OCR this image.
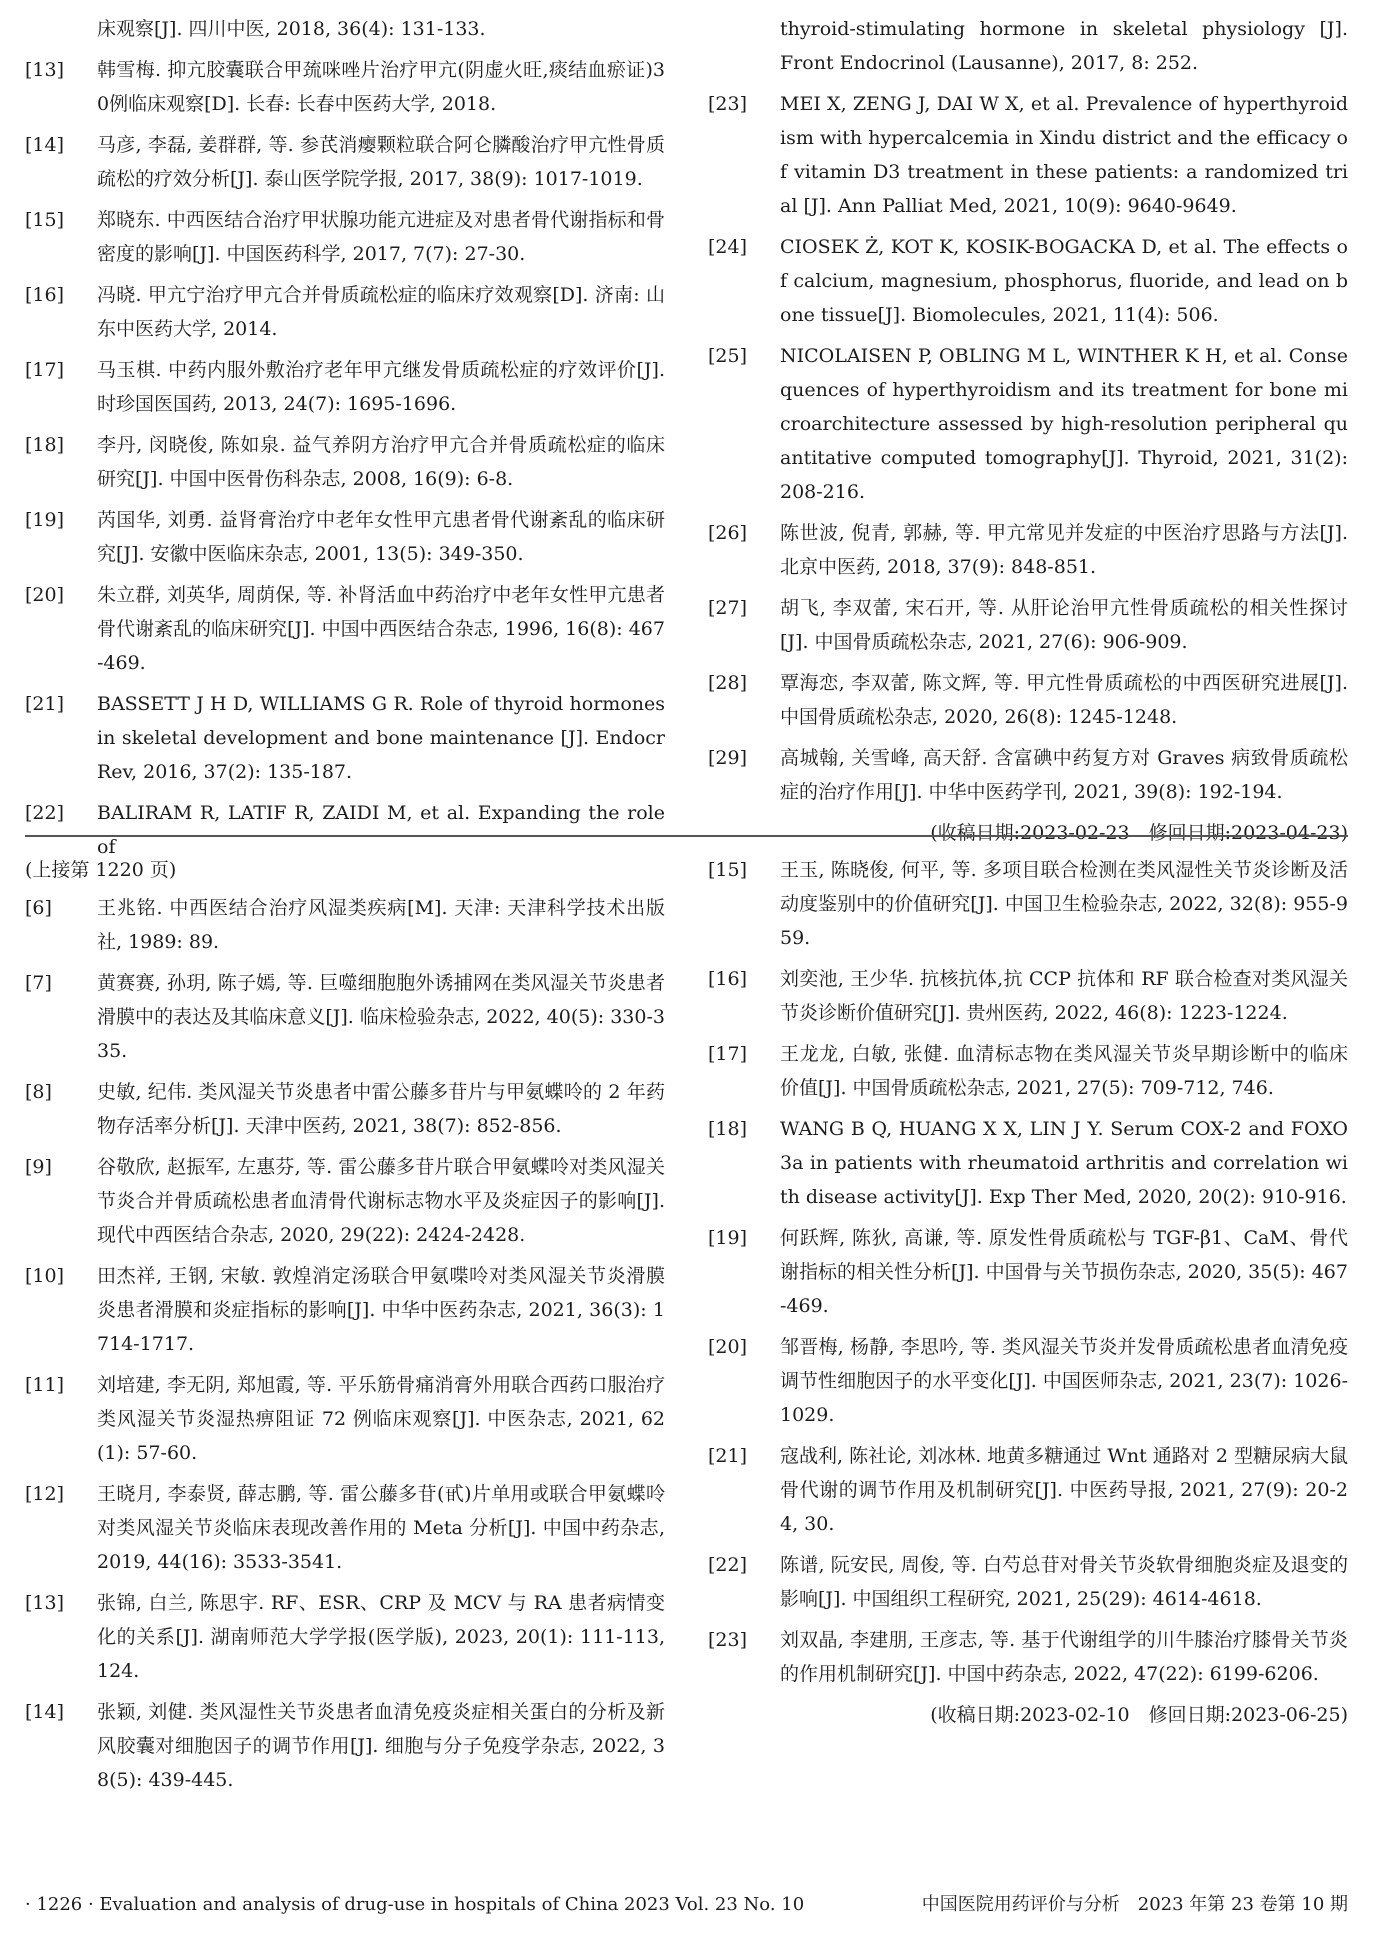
床观察[J]. 四川中医, 2018, 36(4): 131-133.
[13]	韩雪梅. 抑亢胶囊联合甲巯咪唑片治疗甲亢(阴虚火旺,痰结血瘀证)30例临床观察[D]. 长春: 长春中医药大学, 2018.
[14]	马彦, 李磊, 姜群群, 等. 参芪消瘿颗粒联合阿仑膦酸治疗甲亢性骨质疏松的疗效分析[J]. 泰山医学院学报, 2017, 38(9): 1017-1019.
[15]	郑晓东. 中西医结合治疗甲状腺功能亢进症及对患者骨代谢指标和骨密度的影响[J]. 中国医药科学, 2017, 7(7): 27-30.
[16]	冯晓. 甲亢宁治疗甲亢合并骨质疏松症的临床疗效观察[D]. 济南: 山东中医药大学, 2014.
[17]	马玉棋. 中药内服外敷治疗老年甲亢继发骨质疏松症的疗效评价[J]. 时珍国医国药, 2013, 24(7): 1695-1696.
[18]	李丹, 闵晓俊, 陈如泉. 益气养阴方治疗甲亢合并骨质疏松症的临床研究[J]. 中国中医骨伤科杂志, 2008, 16(9): 6-8.
[19]	芮国华, 刘勇. 益肾膏治疗中老年女性甲亢患者骨代谢紊乱的临床研究[J]. 安徽中医临床杂志, 2001, 13(5): 349-350.
[20]	朱立群, 刘英华, 周荫保, 等. 补肾活血中药治疗中老年女性甲亢患者骨代谢紊乱的临床研究[J]. 中国中西医结合杂志, 1996, 16(8): 467-469.
[21]	BASSETT J H D, WILLIAMS G R. Role of thyroid hormones in skeletal development and bone maintenance [J]. Endocr Rev, 2016, 37(2): 135-187.
[22]	BALIRAM R, LATIF R, ZAIDI M, et al. Expanding the role of
thyroid-stimulating hormone in skeletal physiology [J]. Front Endocrinol (Lausanne), 2017, 8: 252.
[23]	MEI X, ZENG J, DAI W X, et al. Prevalence of hyperthyroidism with hypercalcemia in Xindu district and the efficacy of vitamin D3 treatment in these patients: a randomized trial [J]. Ann Palliat Med, 2021, 10(9): 9640-9649.
[24]	CIOSEK Ż, KOT K, KOSIK-BOGACKA D, et al. The effects of calcium, magnesium, phosphorus, fluoride, and lead on bone tissue[J]. Biomolecules, 2021, 11(4): 506.
[25]	NICOLAISEN P, OBLING M L, WINTHER K H, et al. Consequences of hyperthyroidism and its treatment for bone microarchitecture assessed by high-resolution peripheral quantitative computed tomography[J]. Thyroid, 2021, 31(2): 208-216.
[26]	陈世波, 倪青, 郭赫, 等. 甲亢常见并发症的中医治疗思路与方法[J]. 北京中医药, 2018, 37(9): 848-851.
[27]	胡飞, 李双蕾, 宋石开, 等. 从肝论治甲亢性骨质疏松的相关性探讨[J]. 中国骨质疏松杂志, 2021, 27(6): 906-909.
[28]	覃海恋, 李双蕾, 陈文辉, 等. 甲亢性骨质疏松的中西医研究进展[J]. 中国骨质疏松杂志, 2020, 26(8): 1245-1248.
[29]	高城翰, 关雪峰, 高天舒. 含富碘中药复方对 Graves 病致骨质疏松症的治疗作用[J]. 中华中医药学刊, 2021, 39(8): 192-194.
(收稿日期:2023-02-23　修回日期:2023-04-23)
(上接第 1220 页)
[6]	王兆铭. 中西医结合治疗风湿类疾病[M]. 天津: 天津科学技术出版社, 1989: 89.
[7]	黄赛赛, 孙玥, 陈子嫣, 等. 巨噬细胞胞外诱捕网在类风湿关节炎患者滑膜中的表达及其临床意义[J]. 临床检验杂志, 2022, 40(5): 330-335.
[8]	史敏, 纪伟. 类风湿关节炎患者中雷公藤多苷片与甲氨蝶呤的 2 年药物存活率分析[J]. 天津中医药, 2021, 38(7): 852-856.
[9]	谷敬欣, 赵振军, 左惠芬, 等. 雷公藤多苷片联合甲氨蝶呤对类风湿关节炎合并骨质疏松患者血清骨代谢标志物水平及炎症因子的影响[J]. 现代中西医结合杂志, 2020, 29(22): 2424-2428.
[10]	田杰祥, 王钢, 宋敏. 敦煌消定汤联合甲氨喋呤对类风湿关节炎滑膜炎患者滑膜和炎症指标的影响[J]. 中华中医药杂志, 2021, 36(3): 1714-1717.
[11]	刘培建, 李无阴, 郑旭霞, 等. 平乐筋骨痛消膏外用联合西药口服治疗类风湿关节炎湿热痹阻证 72 例临床观察[J]. 中医杂志, 2021, 62(1): 57-60.
[12]	王晓月, 李泰贤, 薛志鹏, 等. 雷公藤多苷(甙)片单用或联合甲氨蝶呤对类风湿关节炎临床表现改善作用的 Meta 分析[J]. 中国中药杂志, 2019, 44(16): 3533-3541.
[13]	张锦, 白兰, 陈思宇. RF、ESR、CRP 及 MCV 与 RA 患者病情变化的关系[J]. 湖南师范大学学报(医学版), 2023, 20(1): 111-113, 124.
[14]	张颖, 刘健. 类风湿性关节炎患者血清免疫炎症相关蛋白的分析及新风胶囊对细胞因子的调节作用[J]. 细胞与分子免疫学杂志, 2022, 38(5): 439-445.
[15]	王玉, 陈晓俊, 何平, 等. 多项目联合检测在类风湿性关节炎诊断及活动度鉴别中的价值研究[J]. 中国卫生检验杂志, 2022, 32(8): 955-959.
[16]	刘奕池, 王少华. 抗核抗体,抗 CCP 抗体和 RF 联合检查对类风湿关节炎诊断价值研究[J]. 贵州医药, 2022, 46(8): 1223-1224.
[17]	王龙龙, 白敏, 张健. 血清标志物在类风湿关节炎早期诊断中的临床价值[J]. 中国骨质疏松杂志, 2021, 27(5): 709-712, 746.
[18]	WANG B Q, HUANG X X, LIN J Y. Serum COX-2 and FOXO3a in patients with rheumatoid arthritis and correlation with disease activity[J]. Exp Ther Med, 2020, 20(2): 910-916.
[19]	何跃辉, 陈狄, 高谦, 等. 原发性骨质疏松与 TGF-β1、CaM、骨代谢指标的相关性分析[J]. 中国骨与关节损伤杂志, 2020, 35(5): 467-469.
[20]	邹晋梅, 杨静, 李思吟, 等. 类风湿关节炎并发骨质疏松患者血清免疫调节性细胞因子的水平变化[J]. 中国医师杂志, 2021, 23(7): 1026-1029.
[21]	寇战利, 陈社论, 刘冰林. 地黄多糖通过 Wnt 通路对 2 型糖尿病大鼠骨代谢的调节作用及机制研究[J]. 中医药导报, 2021, 27(9): 20-24, 30.
[22]	陈谱, 阮安民, 周俊, 等. 白芍总苷对骨关节炎软骨细胞炎症及退变的影响[J]. 中国组织工程研究, 2021, 25(29): 4614-4618.
[23]	刘双晶, 李建朋, 王彦志, 等. 基于代谢组学的川牛膝治疗膝骨关节炎的作用机制研究[J]. 中国中药杂志, 2022, 47(22): 6199-6206.
(收稿日期:2023-02-10　修回日期:2023-06-25)
· 1226 · Evaluation and analysis of drug-use in hospitals of China 2023 Vol. 23 No. 10	中国医院用药评价与分析　2023 年第 23 卷第 10 期
